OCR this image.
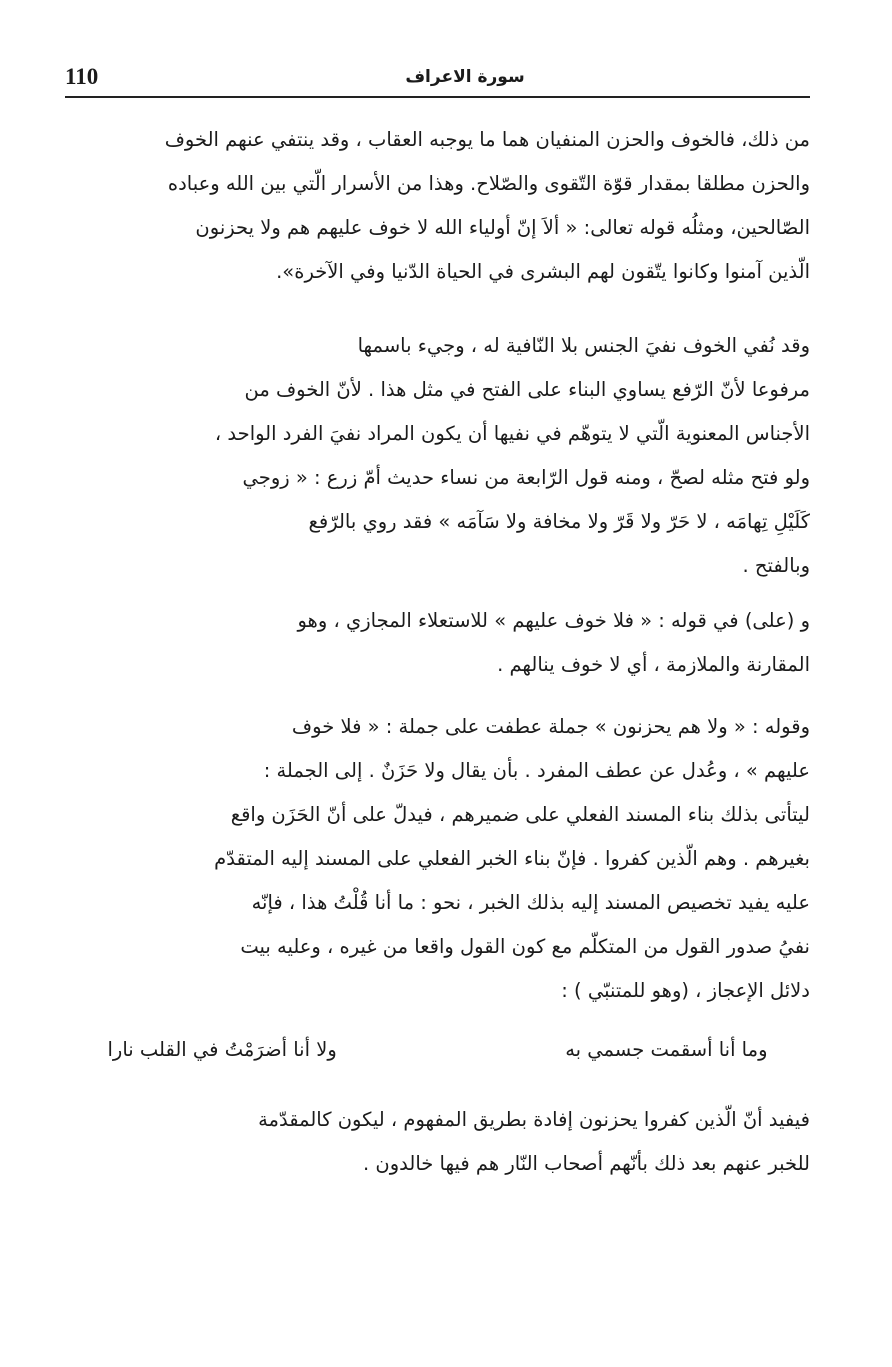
110	سورة الاعراف
من ذلك، فالخوف والحزن المنفيان هما ما يوجبه العقاب ، وقد ينتفي عنهم الخوف
والحزن مطلقا بمقدار قوّة التّقوى والصّلاح. وهذا من الأسرار الّتي بين الله وعباده
الصّالحين، ومثلُه قوله تعالى: « ألاَ إنّ أولياء الله لا خوف عليهم هم ولا يحزنون
الّذين آمنوا وكانوا يتّقون لهم البشرى في الحياة الدّنيا وفي الآخرة».
وقد نُفي الخوف نفيَ الجنس بلا النّافية له ، وجيء باسمها
مرفوعا لأنّ الرّفع يساوي البناء على الفتح في مثل هذا . لأنّ الخوف من
الأجناس المعنوية الّتي لا يتوهّم في نفيها أن يكون المراد نفيَ الفرد الواحد ،
ولو فتح مثله لصحّ ، ومنه قول الرّابعة من نساء حديث أمّ زرع : « زوجي
كَلَيْلِ تِهامَه ، لا حَرّ ولا قَرّ ولا مخافة ولا سَآمَه » فقد روي بالرّفع
وبالفتح .
و (على) في قوله : « فلا خوف عليهم » للاستعلاء المجازي ، وهو
المقارنة والملازمة ، أي لا خوف ينالهم .
وقوله : « ولا هم يحزنون » جملة عطفت على جملة : « فلا خوف
عليهم » ، وعُدل عن عطف المفرد . بأن يقال ولا حَزَنٌ . إلى الجملة :
ليتأتى بذلك بناء المسند الفعلي على ضميرهم ، فيدلّ على أنّ الحَزَن واقع
بغيرهم . وهم الّذين كفروا . فإنّ بناء الخبر الفعلي على المسند إليه المتقدّم
عليه يفيد تخصيص المسند إليه بذلك الخبر ، نحو : ما أنا قُلْتُ هذا ، فإنّه
نفيُ صدور القول من المتكلّم مع كون القول واقعا من غيره ، وعليه بيت
دلائل الإعجاز ، (وهو للمتنبّي ) :
وما أنا أسقمت جسمي به
ولا أنا أضرَمْتُ في القلب نارا
فيفيد أنّ الّذين كفروا يحزنون إفادة بطريق المفهوم ، ليكون كالمقدّمة
للخبر عنهم بعد ذلك بأنّهم أصحاب النّار هم فيها خالدون .
